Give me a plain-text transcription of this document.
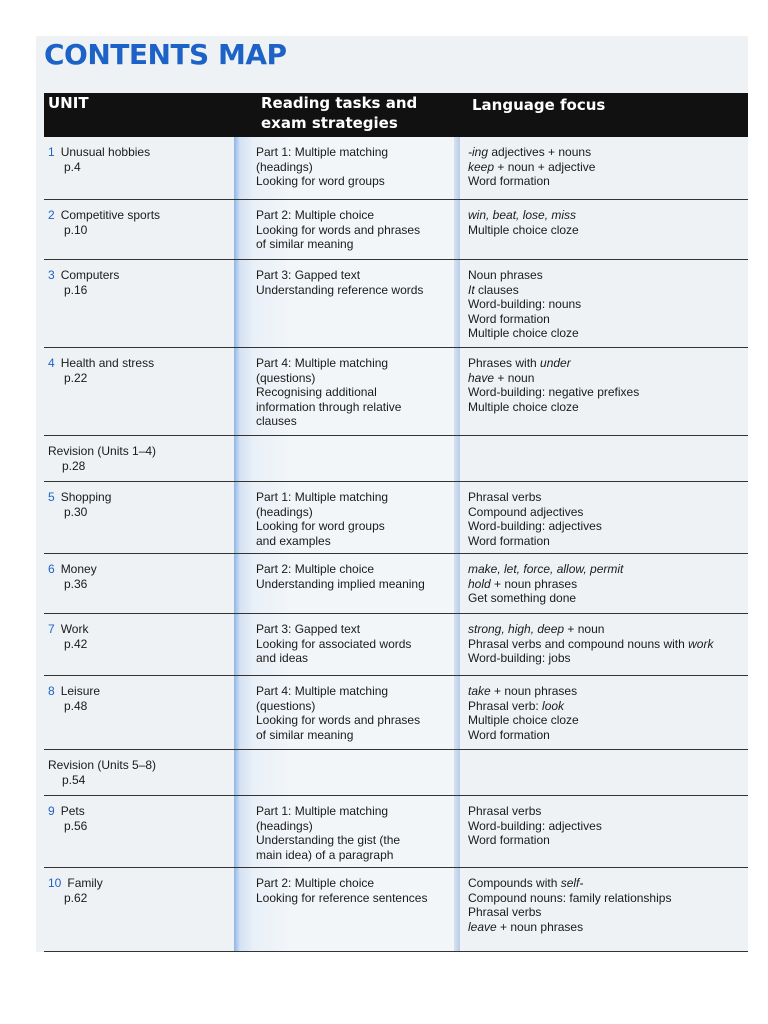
CONTENTS MAP
UNIT	Reading tasks and
exam strategies
Language focus
1 Unusual hobbies
p.4
Part 1: Multiple matching
(headings)
Looking for word groups
-ing adjectives + nouns
keep + noun + adjective
Word formation
2 Competitive sports
p.10
Part 2: Multiple choice
Looking for words and phrases
of similar meaning
win, beat, lose, miss
Multiple choice cloze
3 Computers
p.16
Part 3: Gapped text
Understanding reference words
Noun phrases
It clauses
Word-building: nouns
Word formation
Multiple choice cloze
4 Health and stress
p.22
Part 4: Multiple matching
(questions)
Recognising additional
information through relative
clauses
Phrases with under
have + noun
Word-building: negative prefixes
Multiple choice cloze
Revision (Units 1–4)
p.28
5 Shopping
p.30
Part 1: Multiple matching
(headings)
Looking for word groups
and examples
Phrasal verbs
Compound adjectives
Word-building: adjectives
Word formation
6 Money
p.36
Part 2: Multiple choice
Understanding implied meaning
make, let, force, allow, permit
hold + noun phrases
Get something done
7 Work
p.42
Part 3: Gapped text
Looking for associated words
and ideas
strong, high, deep + noun
Phrasal verbs and compound nouns with work
Word-building: jobs
8 Leisure
p.48
Part 4: Multiple matching
(questions)
Looking for words and phrases
of similar meaning
take + noun phrases
Phrasal verb: look
Multiple choice cloze
Word formation
Revision (Units 5–8)
p.54
9 Pets
p.56
Part 1: Multiple matching
(headings)
Understanding the gist (the
main idea) of a paragraph
Phrasal verbs
Word-building: adjectives
Word formation
10 Family
p.62
Part 2: Multiple choice
Looking for reference sentences
Compounds with self-
Compound nouns: family relationships
Phrasal verbs
leave + noun phrases
